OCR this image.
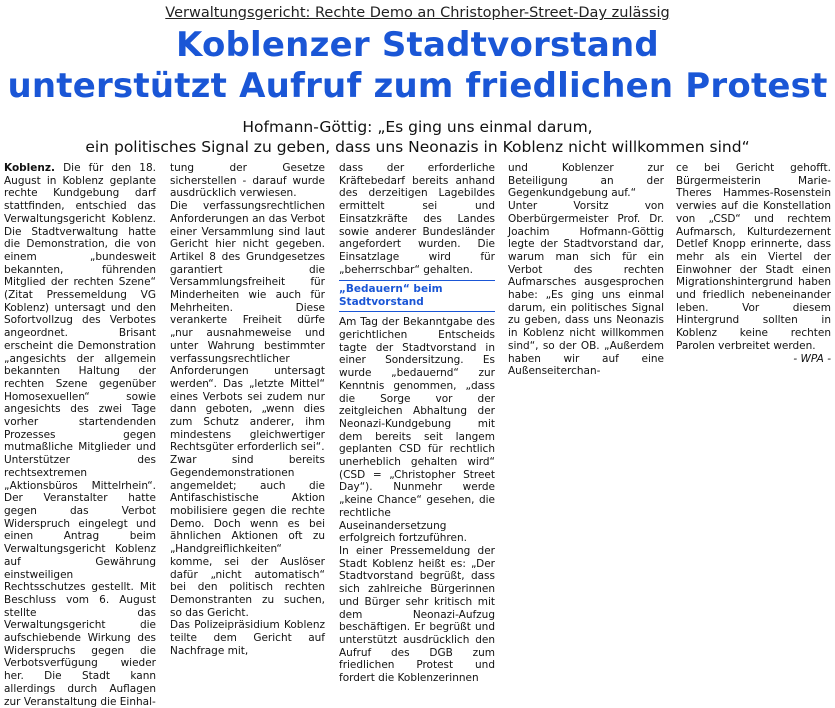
Verwaltungsgericht: Rechte Demo an Christopher-Street-Day zulässig
Koblenzer Stadtvorstand
unterstützt Aufruf zum friedlichen Protest
Hofmann-Göttig: „Es ging uns einmal darum,
ein politisches Signal zu geben, dass uns Neonazis in Koblenz nicht willkommen sind“

Koblenz. Die für den 18. August in Koblenz geplante rechte Kundgebung darf stattfinden, entschied das Verwaltungsgericht Koblenz. Die Stadtverwaltung hatte die Demonstration, die von einem „bundesweit bekannten, führenden Mitglied der rechten Szene“ (Zitat Pressemeldung VG Koblenz) untersagt und den Sofortvollzug des Verbotes angeordnet. Brisant erscheint die Demonstration „angesichts der allgemein bekannten Haltung der rechten Szene gegenüber Homosexuellen“ sowie angesichts des zwei Tage vorher startendenden Prozesses gegen mutmaßliche Mitglieder und Unterstützer des rechtsextremen „Aktionsbüros Mittelrhein“. Der Veranstalter hatte gegen das Verbot Widerspruch eingelegt und einen Antrag beim Verwaltungsgericht Koblenz auf Gewährung einstweiligen Rechtsschutzes gestellt. Mit Beschluss vom 6. August stellte das Verwaltungsgericht die aufschiebende Wirkung des Widerspruchs gegen die Verbotsverfügung wieder her. Die Stadt kann allerdings durch Auflagen zur Veranstaltung die Einhal-

tung der Gesetze sicherstellen - darauf wurde ausdrücklich verwiesen.

Die verfassungsrechtlichen Anforderungen an das Verbot einer Versammlung sind laut Gericht hier nicht gegeben. Artikel 8 des Grundgesetzes garantiert die Versammlungsfreiheit für Minderheiten wie auch für Mehrheiten. Diese verankerte Freiheit dürfe „nur ausnahmeweise und unter Wahrung bestimmter verfassungsrechtlicher Anforderungen untersagt werden“. Das „letzte Mittel“ eines Verbots sei zudem nur dann geboten, „wenn dies zum Schutz anderer, ihm mindestens gleichwertiger Rechtsgüter erforderlich sei“.

Zwar sind bereits Gegendemonstrationen angemeldet; auch die Antifaschistische Aktion mobilisiere gegen die rechte Demo. Doch wenn es bei ähnlichen Aktionen oft zu „Handgreiflichkeiten“ komme, sei der Auslöser dafür „nicht automatisch“ bei den politisch rechten Demonstranten zu suchen, so das Gericht.

Das Polizeipräsidium Koblenz teilte dem Gericht auf Nachfrage mit,

dass der erforderliche Kräftebedarf bereits anhand des derzeitigen Lagebildes ermittelt sei und Einsatzkräfte des Landes sowie anderer Bundesländer angefordert wurden. Die Einsatzlage wird für „beherrschbar“ gehalten.

„Bedauern“ beim Stadtvorstand

Am Tag der Bekanntgabe des gerichtlichen Entscheids tagte der Stadtvorstand in einer Sondersitzung. Es wurde „bedauernd“ zur Kenntnis genommen, „dass die Sorge vor der zeitgleichen Abhaltung der Neonazi-Kundgebung mit dem bereits seit langem geplanten CSD für rechtlich unerheblich gehalten wird“ (CSD = „Christopher Street Day“). Nunmehr werde „keine Chance“ gesehen, die rechtliche Auseinandersetzung erfolgreich fortzuführen.

In einer Pressemeldung der Stadt Koblenz heißt es: „Der Stadtvorstand begrüßt, dass sich zahlreiche Bürgerinnen und Bürger sehr kritisch mit dem Neonazi-Aufzug beschäftigen. Er begrüßt und unterstützt ausdrücklich den Aufruf des DGB zum friedlichen Protest und fordert die Koblenzerinnen

und Koblenzer zur Beteiligung an der Gegenkundgebung auf.“

Unter Vorsitz von Oberbürgermeister Prof. Dr. Joachim Hofmann-Göttig legte der Stadtvorstand dar, warum man sich für ein Verbot des rechten Aufmarsches ausgesprochen habe: „Es ging uns einmal darum, ein politisches Signal zu geben, dass uns Neonazis in Koblenz nicht willkommen sind“, so der OB. „Außerdem haben wir auf eine Außenseiterchan-

ce bei Gericht gehofft. Bürgermeisterin Marie-Theres Hammes-Rosenstein verwies auf die Konstellation von „CSD“ und rechtem Aufmarsch, Kulturdezernent Detlef Knopp erinnerte, dass mehr als ein Viertel der Einwohner der Stadt einen Migrationshintergrund haben und friedlich nebeneinander leben. Vor diesem Hintergrund sollten in Koblenz keine rechten Parolen verbreitet werden.

- WPA -
